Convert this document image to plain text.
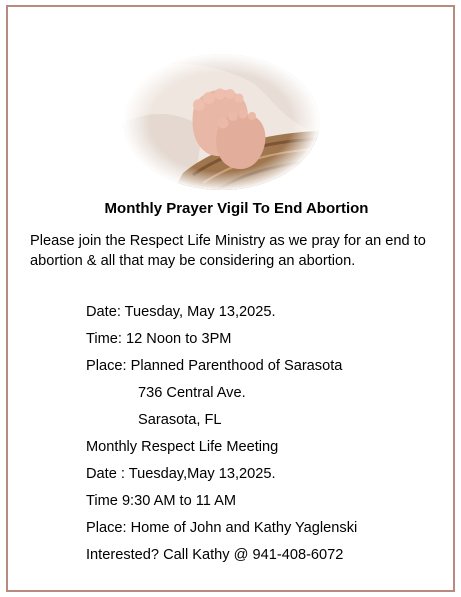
Monthly Prayer Vigil To End Abortion
Please join the Respect Life Ministry as we pray for an end to abortion & all that may be considering an abortion.
Date: Tuesday, May 13,2025.
Time: 12 Noon to 3PM
Place: Planned Parenthood of Sarasota
736 Central Ave.
Sarasota, FL
Monthly Respect Life Meeting
Date : Tuesday,May 13,2025.
Time 9:30 AM to 11 AM
Place: Home of John and Kathy Yaglenski
Interested? Call Kathy @ 941-408-6072
